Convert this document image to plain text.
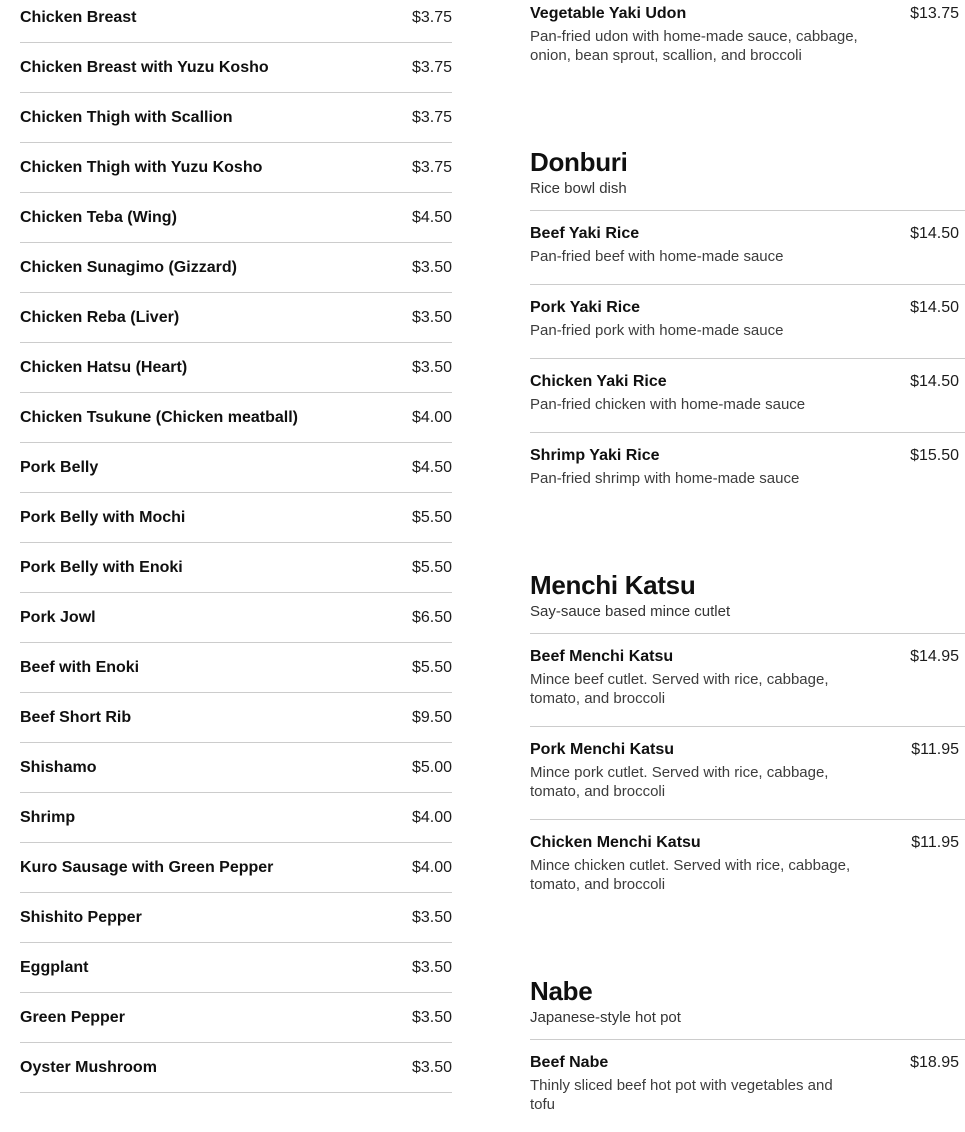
Chicken Breast	$3.75
Chicken Breast with Yuzu Kosho	$3.75
Chicken Thigh with Scallion	$3.75
Chicken Thigh with Yuzu Kosho	$3.75
Chicken Teba (Wing)	$4.50
Chicken Sunagimo (Gizzard)	$3.50
Chicken Reba (Liver)	$3.50
Chicken Hatsu (Heart)	$3.50
Chicken Tsukune (Chicken meatball)	$4.00
Pork Belly	$4.50
Pork Belly with Mochi	$5.50
Pork Belly with Enoki	$5.50
Pork Jowl	$6.50
Beef with Enoki	$5.50
Beef Short Rib	$9.50
Shishamo	$5.00
Shrimp	$4.00
Kuro Sausage with Green Pepper	$4.00
Shishito Pepper	$3.50
Eggplant	$3.50
Green Pepper	$3.50
Oyster Mushroom	$3.50
Vegetable Yaki Udon	$13.75
Pan-fried udon with home-made sauce, cabbage, onion, bean sprout, scallion, and broccoli
Donburi
Rice bowl dish
Beef Yaki Rice	$14.50
Pan-fried beef with home-made sauce
Pork Yaki Rice	$14.50
Pan-fried pork with home-made sauce
Chicken Yaki Rice	$14.50
Pan-fried chicken with home-made sauce
Shrimp Yaki Rice	$15.50
Pan-fried shrimp with home-made sauce
Menchi Katsu
Say-sauce based mince cutlet
Beef Menchi Katsu	$14.95
Mince beef cutlet. Served with rice, cabbage, tomato, and broccoli
Pork Menchi Katsu	$11.95
Mince pork cutlet. Served with rice, cabbage, tomato, and broccoli
Chicken Menchi Katsu	$11.95
Mince chicken cutlet. Served with rice, cabbage, tomato, and broccoli
Nabe
Japanese-style hot pot
Beef Nabe	$18.95
Thinly sliced beef hot pot with vegetables and tofu
